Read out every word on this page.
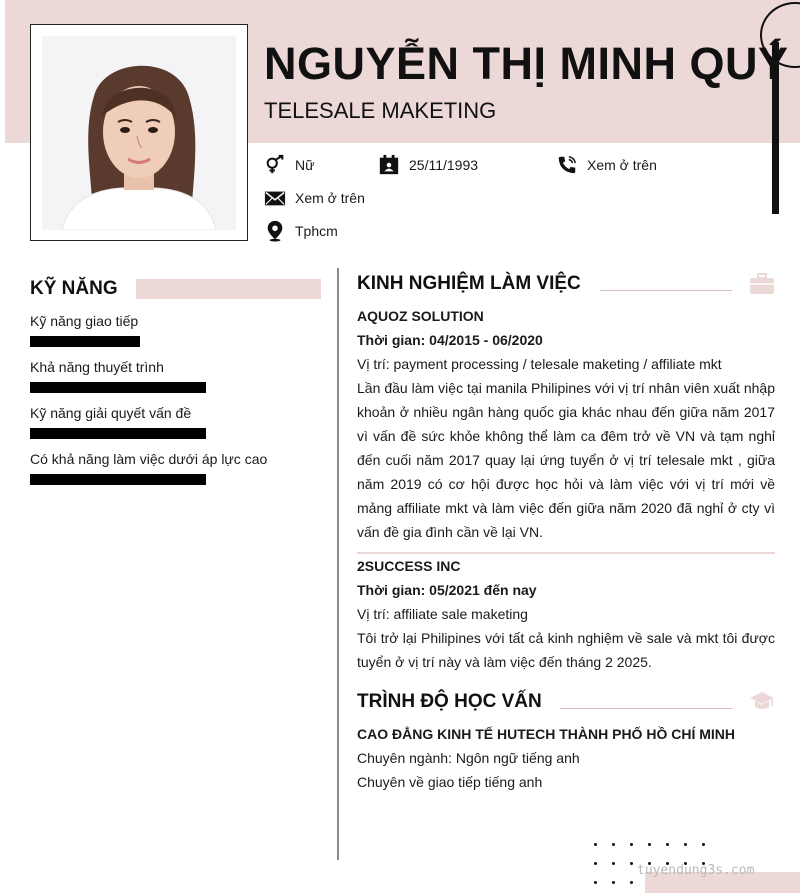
NGUYỄN THỊ MINH QUÝ
TELESALE MAKETING
Nữ	25/11/1993	Xem ở trên
Xem ở trên
Tphcm
KỸ NĂNG
Kỹ năng giao tiếp
Khả năng thuyết trình
Kỹ năng giải quyết vấn đề
Có khả năng làm việc dưới áp lực cao
KINH NGHIỆM LÀM VIỆC
AQUOZ SOLUTION
Thời gian: 04/2015 - 06/2020
Vị trí: payment processing / telesale maketing / affiliate mkt
Lần đầu làm việc tại manila Philipines với vị trí nhân viên xuất nhập khoản ở nhiều ngân hàng quốc gia khác nhau đến giữa năm 2017 vì vấn đề sức khỏe không thể làm ca đêm trở về VN và tạm nghỉ đến cuối năm 2017 quay lại ứng tuyển ở vị trí telesale mkt , giữa năm 2019 có cơ hội được học hỏi và làm việc với vị trí mới về mảng affiliate mkt và làm việc đến giữa năm 2020 đã nghỉ ở cty vì vấn đề gia đình cần về lại VN.
2SUCCESS INC
Thời gian: 05/2021 đến nay
Vị trí: affiliate sale maketing
Tôi trở lại Philipines với tất cả kinh nghiệm về sale và mkt tôi được tuyển ở vị trí này và làm việc đến tháng 2 2025.
TRÌNH ĐỘ HỌC VẤN
CAO ĐẲNG KINH TẾ HUTECH THÀNH PHỐ HỒ CHÍ MINH
Chuyên ngành: Ngôn ngữ tiếng anh
Chuyên về giao tiếp tiếng anh
tuyendung3s.com
